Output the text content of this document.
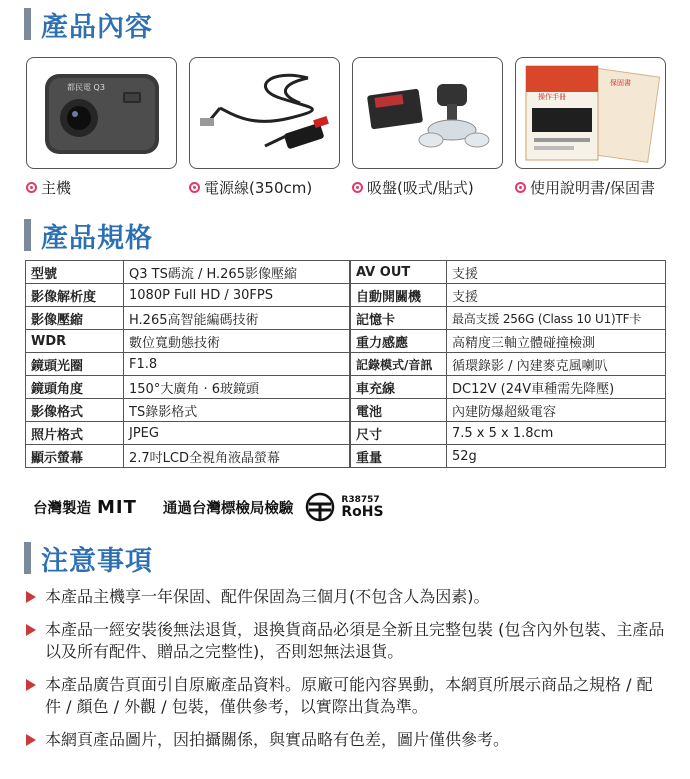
產品內容
都民電 Q3
主機	電源線(350cm)	吸盤(吸式/貼式)
操作手冊
保固書
使用說明書/保固書
產品規格
型號	Q3 TS碼流 / H.265影像壓縮
影像解析度	1080P Full HD / 30FPS
影像壓縮	H.265高智能編碼技術
WDR	數位寬動態技術
鏡頭光圈	F1.8
鏡頭角度	150°大廣角 · 6玻鏡頭
影像格式	TS錄影格式
照片格式	JPEG
顯示螢幕	2.7吋LCD全視角液晶螢幕
AV OUT	支援
自動開關機	支援
記憶卡	最高支援 256G (Class 10 U1)TF卡
重力感應	高精度三軸立體碰撞檢測
記錄模式/音訊	循環錄影 / 內建麥克風喇叭
車充線	DC12V (24V車種需先降壓)
電池	內建防爆超級電容
尺寸	7.5 x 5 x 1.8cm
重量	52g
台灣製造 MIT 通過台灣標檢局檢驗
R38757
RoHS
注意事項
本產品主機享一年保固、配件保固為三個月(不包含人為因素)。
本產品一經安裝後無法退貨，退換貨商品必須是全新且完整包裝 (包含內外包裝、主產品以及所有配件、贈品之完整性)，否則恕無法退貨。
本產品廣告頁面引自原廠產品資料。原廠可能內容異動，本網頁所展示商品之規格 / 配件 / 顏色 / 外觀 / 包裝，僅供參考，以實際出貨為準。
本網頁產品圖片，因拍攝關係，與實品略有色差，圖片僅供參考。
